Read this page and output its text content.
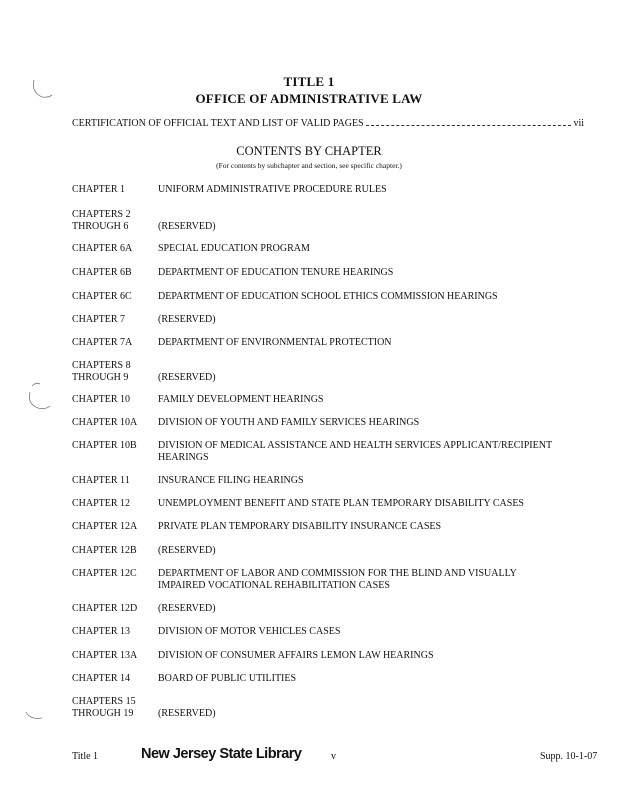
TITLE 1
OFFICE OF ADMINISTRATIVE LAW
CERTIFICATION OF OFFICIAL TEXT AND LIST OF VALID PAGES	vii
CONTENTS BY CHAPTER
(For contents by subchapter and section, see specific chapter.)
CHAPTER 1	UNIFORM ADMINISTRATIVE PROCEDURE RULES
CHAPTERS 2
THROUGH 6	(RESERVED)
CHAPTER 6A	SPECIAL EDUCATION PROGRAM
CHAPTER 6B	DEPARTMENT OF EDUCATION TENURE HEARINGS
CHAPTER 6C	DEPARTMENT OF EDUCATION SCHOOL ETHICS COMMISSION HEARINGS
CHAPTER 7	(RESERVED)
CHAPTER 7A	DEPARTMENT OF ENVIRONMENTAL PROTECTION
CHAPTERS 8
THROUGH 9	(RESERVED)
CHAPTER 10	FAMILY DEVELOPMENT HEARINGS
CHAPTER 10A	DIVISION OF YOUTH AND FAMILY SERVICES HEARINGS
CHAPTER 10B	DIVISION OF MEDICAL ASSISTANCE AND HEALTH SERVICES APPLICANT/RECIPIENT HEARINGS
CHAPTER 11	INSURANCE FILING HEARINGS
CHAPTER 12	UNEMPLOYMENT BENEFIT AND STATE PLAN TEMPORARY DISABILITY CASES
CHAPTER 12A	PRIVATE PLAN TEMPORARY DISABILITY INSURANCE CASES
CHAPTER 12B	(RESERVED)
CHAPTER 12C	DEPARTMENT OF LABOR AND COMMISSION FOR THE BLIND AND VISUALLY IMPAIRED VOCATIONAL REHABILITATION CASES
CHAPTER 12D	(RESERVED)
CHAPTER 13	DIVISION OF MOTOR VEHICLES CASES
CHAPTER 13A	DIVISION OF CONSUMER AFFAIRS LEMON LAW HEARINGS
CHAPTER 14	BOARD OF PUBLIC UTILITIES
CHAPTERS 15
THROUGH 19	(RESERVED)
Title 1	New Jersey State Library	v	Supp. 10-1-07
